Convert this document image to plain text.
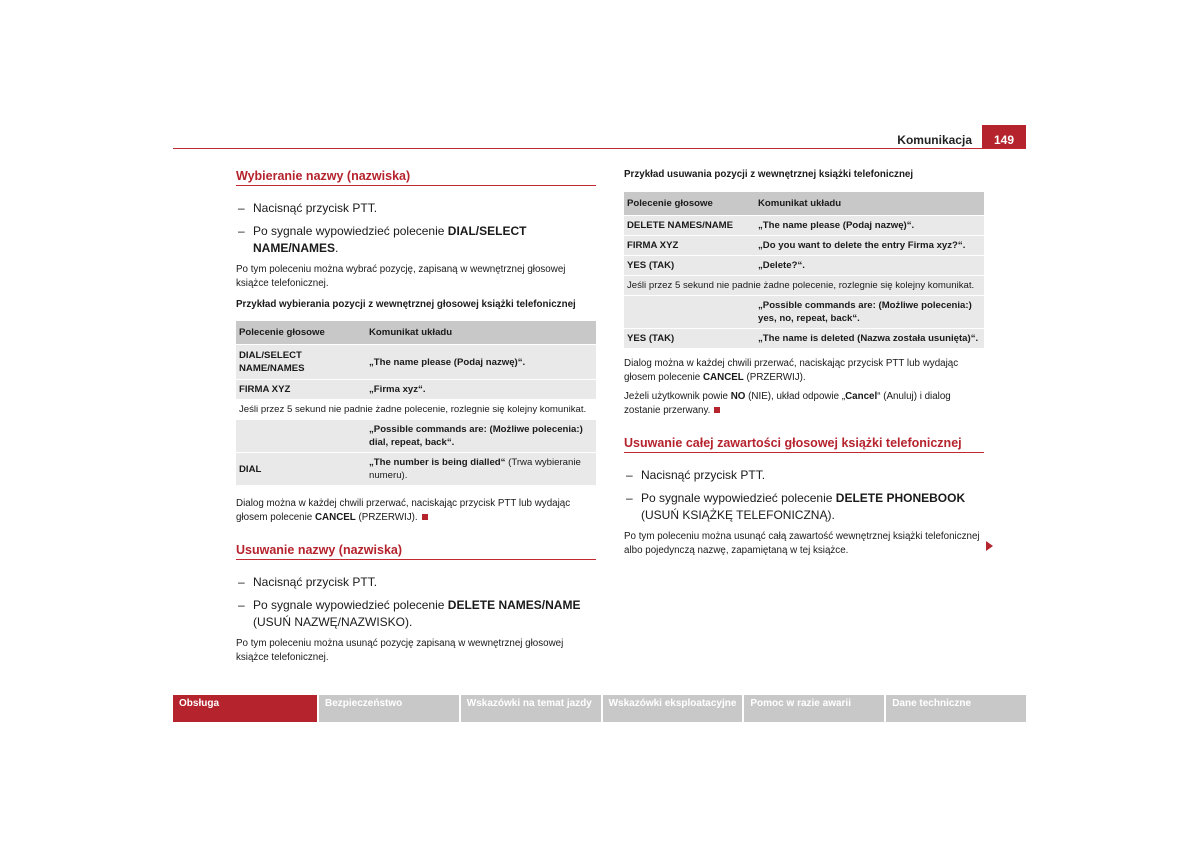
Komunikacja	149
Wybieranie nazwy (nazwiska)
– Nacisnąć przycisk PTT.
– Po sygnale wypowiedzieć polecenie DIAL/SELECT NAME/NAMES.
Po tym poleceniu można wybrać pozycję, zapisaną w wewnętrznej głosowej książce telefonicznej.
Przykład wybierania pozycji z wewnętrznej głosowej książki telefonicznej
Polecenie głosowe	Komunikat układu
DIAL/SELECT NAME/NAMES	„The name please (Podaj nazwę)“.
FIRMA XYZ	„Firma xyz“.
Jeśli przez 5 sekund nie padnie żadne polecenie, rozlegnie się kolejny komunikat.	
	„Possible commands are: (Możliwe polecenia:) dial, repeat, back“.
DIAL	„The number is being dialled“ (Trwa wybieranie numeru).
Dialog można w każdej chwili przerwać, naciskając przycisk PTT lub wydając głosem polecenie CANCEL (PRZERWIJ).
Usuwanie nazwy (nazwiska)
– Nacisnąć przycisk PTT.
– Po sygnale wypowiedzieć polecenie DELETE NAMES/NAME (USUŃ NAZWĘ/NAZWISKO).
Po tym poleceniu można usunąć pozycję zapisaną w wewnętrznej głosowej książce telefonicznej.
Przykład usuwania pozycji z wewnętrznej książki telefonicznej
Polecenie głosowe	Komunikat układu
DELETE NAMES/NAME	„The name please (Podaj nazwę)“.
FIRMA XYZ	„Do you want to delete the entry Firma xyz?“.
YES (TAK)	„Delete?“.
Jeśli przez 5 sekund nie padnie żadne polecenie, rozlegnie się kolejny komunikat.	
	„Possible commands are: (Możliwe polecenia:) yes, no, repeat, back“.
YES (TAK)	„The name is deleted (Nazwa została usunięta)“.
Dialog można w każdej chwili przerwać, naciskając przycisk PTT lub wydając głosem polecenie CANCEL (PRZERWIJ).
Jeżeli użytkownik powie NO (NIE), układ odpowie „Cancel“ (Anuluj) i dialog zostanie przerwany.
Usuwanie całej zawartości głosowej książki telefonicznej
– Nacisnąć przycisk PTT.
– Po sygnale wypowiedzieć polecenie DELETE PHONEBOOK (USUŃ KSIĄŻKĘ TELEFONICZNĄ).
Po tym poleceniu można usunąć całą zawartość wewnętrznej książki telefonicznej albo pojedynczą nazwę, zapamiętaną w tej książce.
Obsługa	Bezpieczeństwo	Wskazówki na temat jazdy	Wskazówki eksploatacyjne	Pomoc w razie awarii	Dane techniczne
